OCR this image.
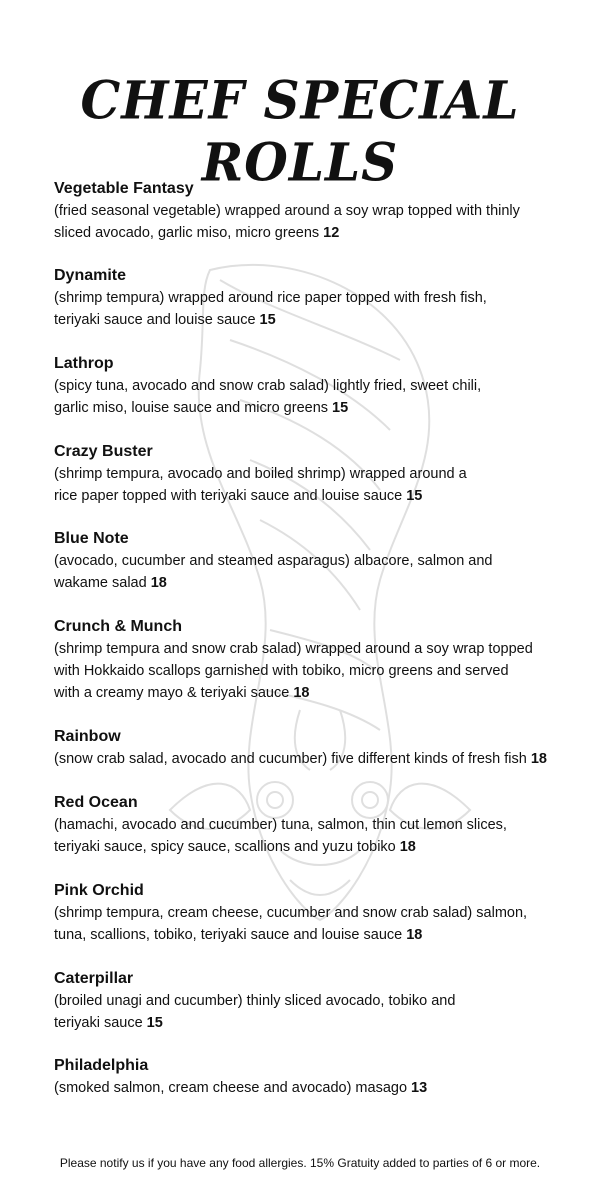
CHEF SPECIAL ROLLS
Vegetable Fantasy
(fried seasonal vegetable) wrapped around a soy wrap topped with thinly
sliced avocado, garlic miso, micro greens 12
Dynamite
(shrimp tempura) wrapped around rice paper topped with fresh fish,
teriyaki sauce and louise sauce 15
Lathrop
(spicy tuna, avocado and snow crab salad) lightly fried, sweet chili,
garlic miso, louise sauce and micro greens 15
Crazy Buster
(shrimp tempura, avocado and boiled shrimp) wrapped around a
rice paper topped with teriyaki sauce and louise sauce 15
Blue Note
(avocado, cucumber and steamed asparagus) albacore, salmon and
wakame salad 18
Crunch & Munch
(shrimp tempura and snow crab salad) wrapped around a soy wrap topped
with Hokkaido scallops garnished with tobiko, micro greens and served
with a creamy mayo & teriyaki sauce 18
Rainbow
(snow crab salad, avocado and cucumber) five different kinds of fresh fish 18
Red Ocean
(hamachi, avocado and cucumber) tuna, salmon, thin cut lemon slices,
teriyaki sauce, spicy sauce, scallions and yuzu tobiko 18
Pink Orchid
(shrimp tempura, cream cheese, cucumber and snow crab salad) salmon,
tuna, scallions, tobiko, teriyaki sauce and louise sauce 18
Caterpillar
(broiled unagi and cucumber) thinly sliced avocado, tobiko and
teriyaki sauce 15
Philadelphia
(smoked salmon, cream cheese and avocado) masago 13
Please notify us if you have any food allergies. 15% Gratuity added to parties of 6 or more.
